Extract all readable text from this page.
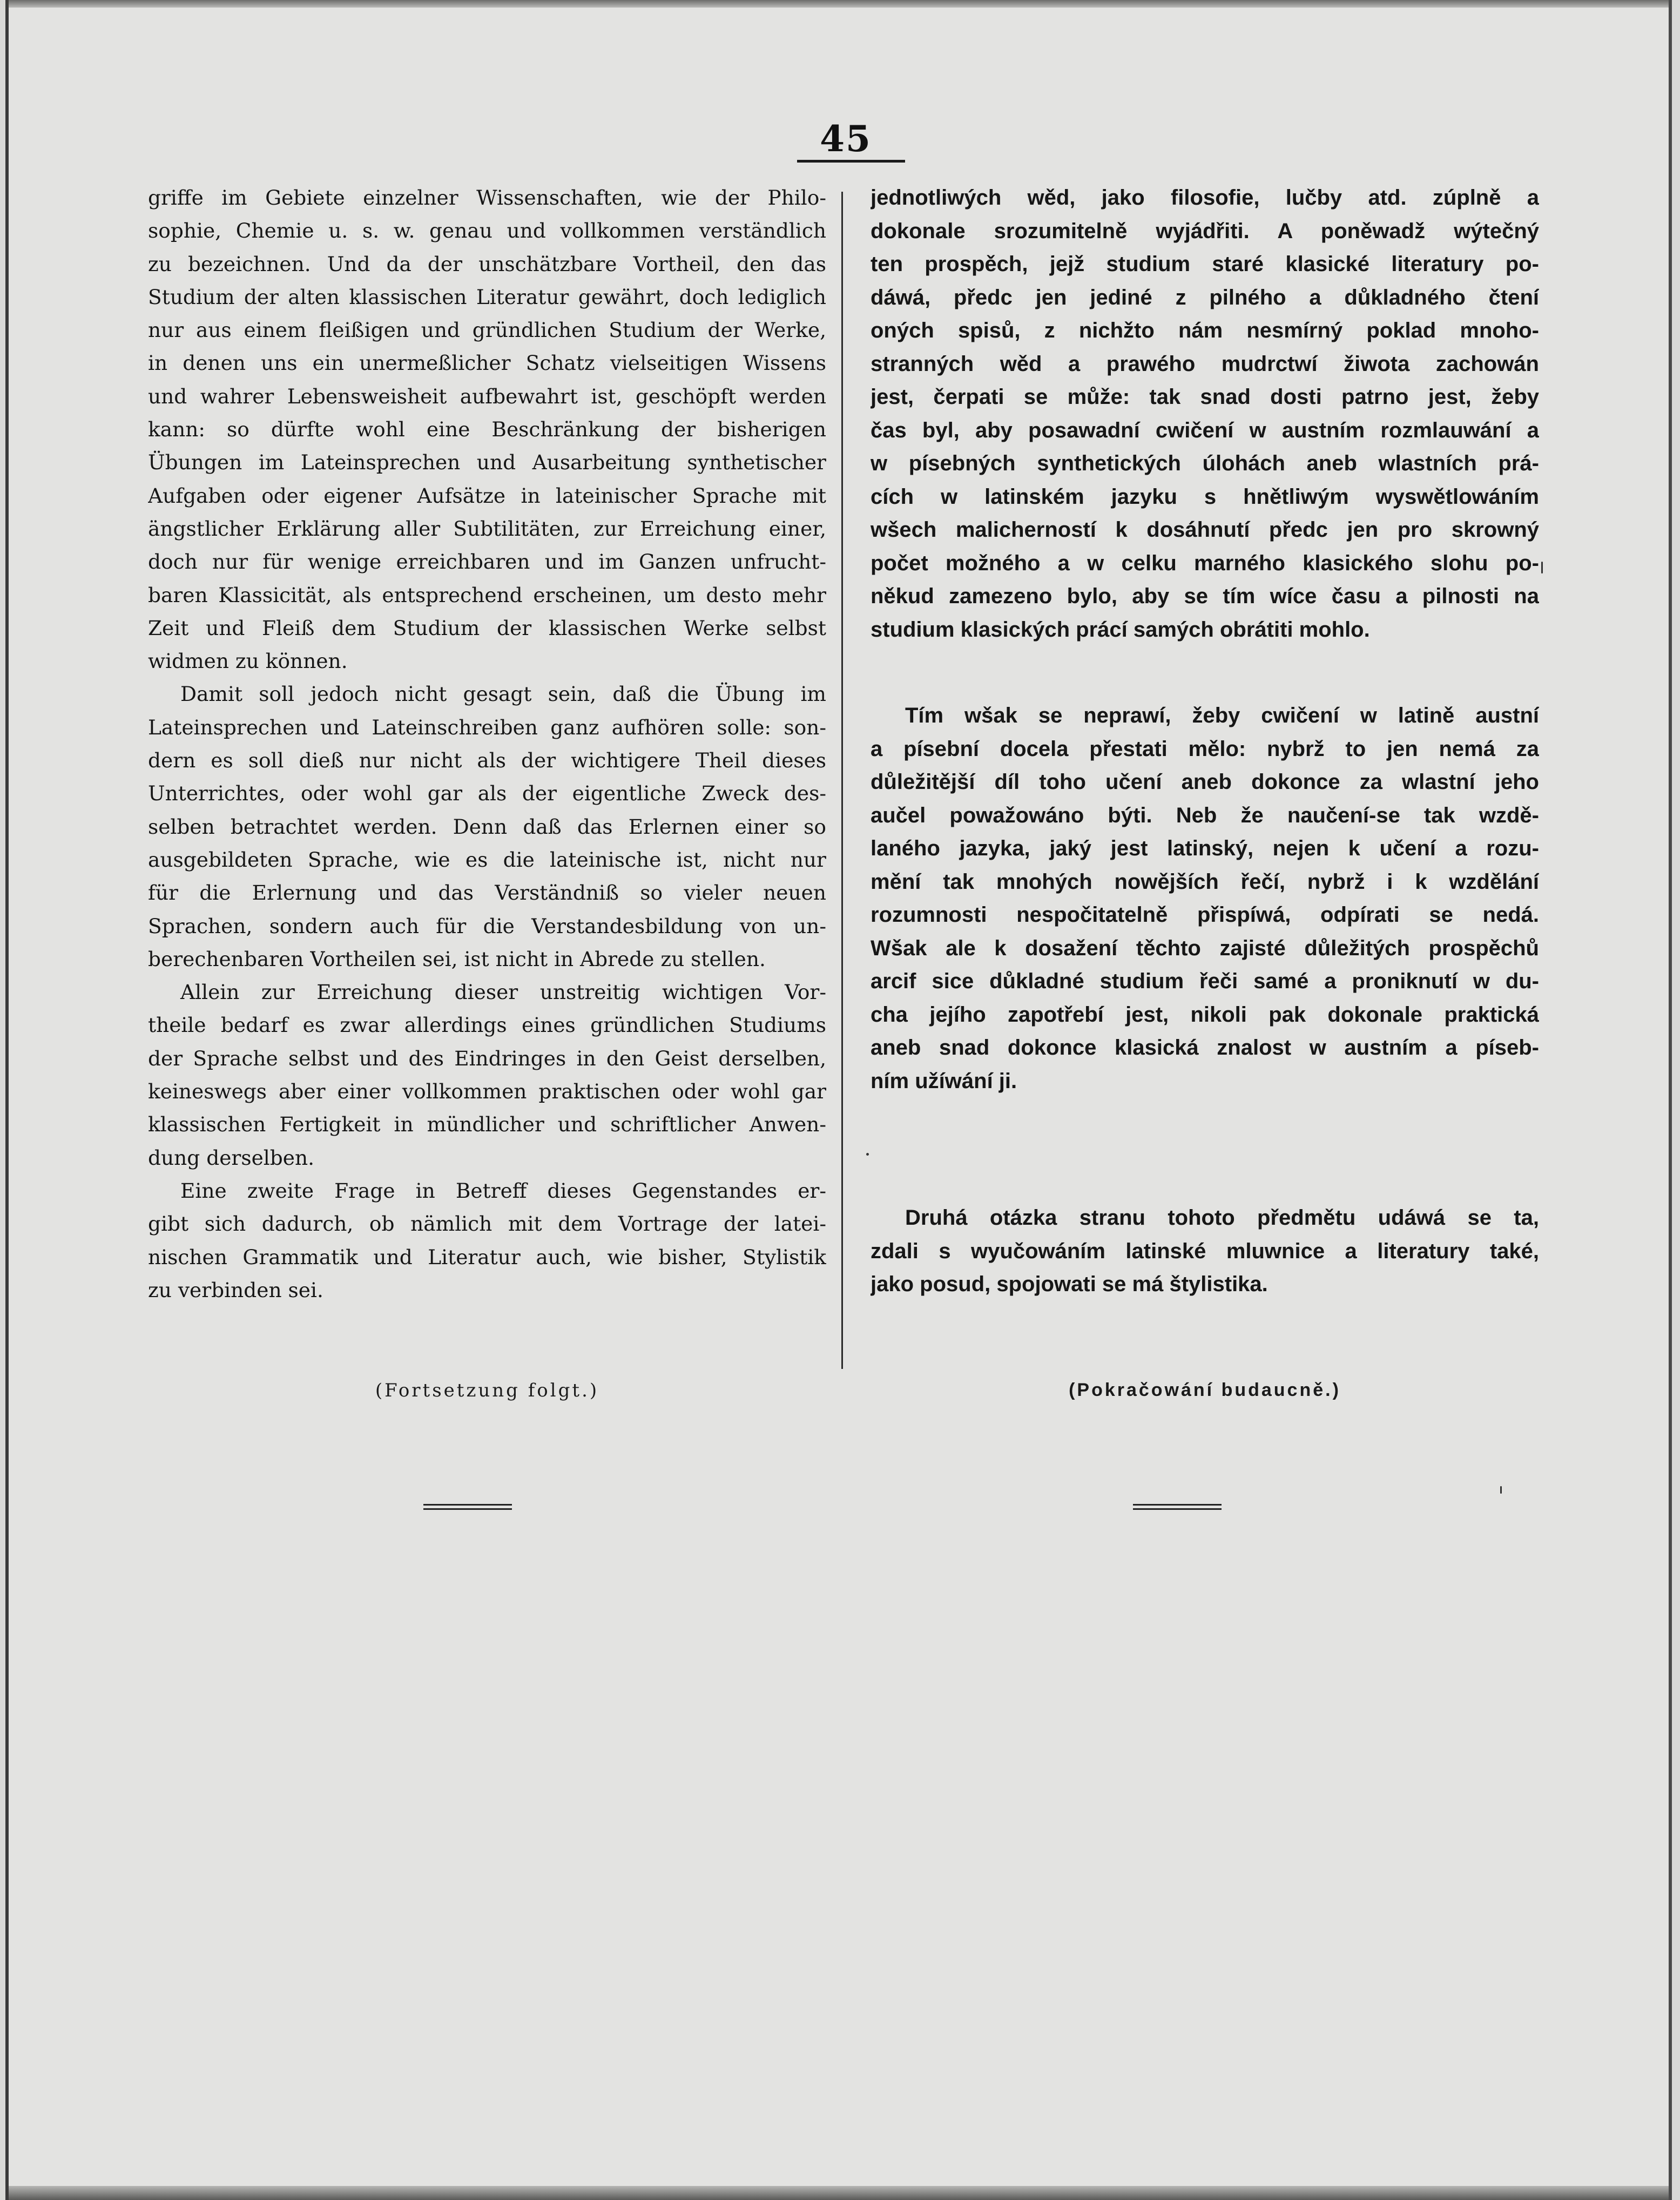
45
griffe im Gebiete einzelner Wissenschaften, wie der Philo-
sophie, Chemie u. s. w. genau und vollkommen verständlich
zu bezeichnen. Und da der unschätzbare Vortheil, den das
Studium der alten klassischen Literatur gewährt, doch lediglich
nur aus einem fleißigen und gründlichen Studium der Werke,
in denen uns ein unermeßlicher Schatz vielseitigen Wissens
und wahrer Lebensweisheit aufbewahrt ist, geschöpft werden
kann: so dürfte wohl eine Beschränkung der bisherigen
Übungen im Lateinsprechen und Ausarbeitung synthetischer
Aufgaben oder eigener Aufsätze in lateinischer Sprache mit
ängstlicher Erklärung aller Subtilitäten, zur Erreichung einer,
doch nur für wenige erreichbaren und im Ganzen unfrucht-
baren Klassicität, als entsprechend erscheinen, um desto mehr
Zeit und Fleiß dem Studium der klassischen Werke selbst
widmen zu können.
Damit soll jedoch nicht gesagt sein, daß die Übung im
Lateinsprechen und Lateinschreiben ganz aufhören solle: son-
dern es soll dieß nur nicht als der wichtigere Theil dieses
Unterrichtes, oder wohl gar als der eigentliche Zweck des-
selben betrachtet werden. Denn daß das Erlernen einer so
ausgebildeten Sprache, wie es die lateinische ist, nicht nur
für die Erlernung und das Verständniß so vieler neuen
Sprachen, sondern auch für die Verstandesbildung von un-
berechenbaren Vortheilen sei, ist nicht in Abrede zu stellen.
Allein zur Erreichung dieser unstreitig wichtigen Vor-
theile bedarf es zwar allerdings eines gründlichen Studiums
der Sprache selbst und des Eindringes in den Geist derselben,
keineswegs aber einer vollkommen praktischen oder wohl gar
klassischen Fertigkeit in mündlicher und schriftlicher Anwen-
dung derselben.
Eine zweite Frage in Betreff dieses Gegenstandes er-
gibt sich dadurch, ob nämlich mit dem Vortrage der latei-
nischen Grammatik und Literatur auch, wie bisher, Stylistik
zu verbinden sei.
jednotliwých wěd, jako filosofie, lučby atd. zúplně a
dokonale srozumitelně wyjádřiti. A poněwadž wýtečný
ten prospěch, jejž studium staré klasické literatury po-
dáwá, předc jen jediné z pilného a důkladného čtení
oných spisů, z nichžto nám nesmírný poklad mnoho-
stranných wěd a prawého mudrctwí žiwota zachowán
jest, čerpati se může: tak snad dosti patrno jest, žeby
čas byl, aby posawadní cwičení w austním rozmlauwání a
w písebných synthetických úlohách aneb wlastních prá-
cích w latinském jazyku s hnětliwým wyswětlowáním
wšech malicherností k dosáhnutí předc jen pro skrowný
počet možného a w celku marného klasického slohu po-
někud zamezeno bylo, aby se tím wíce času a pilnosti na
studium klasických prácí samých obrátiti mohlo.
Tím wšak se neprawí, žeby cwičení w latině austní
a písební docela přestati mělo: nybrž to jen nemá za
důležitější díl toho učení aneb dokonce za wlastní jeho
aučel powažowáno býti. Neb že naučení-se tak wzdě-
laného jazyka, jaký jest latinský, nejen k učení a rozu-
mění tak mnohých nowějších řečí, nybrž i k wzdělání
rozumnosti nespočitatelně přispíwá, odpírati se nedá.
Wšak ale k dosažení těchto zajisté důležitých prospěchů
arcif sice důkladné studium řeči samé a proniknutí w du-
cha jejího zapotřebí jest, nikoli pak dokonale praktická
aneb snad dokonce klasická znalost w austním a píseb-
ním užíwání ji.
Druhá otázka stranu tohoto předmětu udáwá se ta,
zdali s wyučowáním latinské mluwnice a literatury také,
jako posud, spojowati se má štylistika.
(Fortsetzung folgt.)	(Pokračowání budaucně.)
